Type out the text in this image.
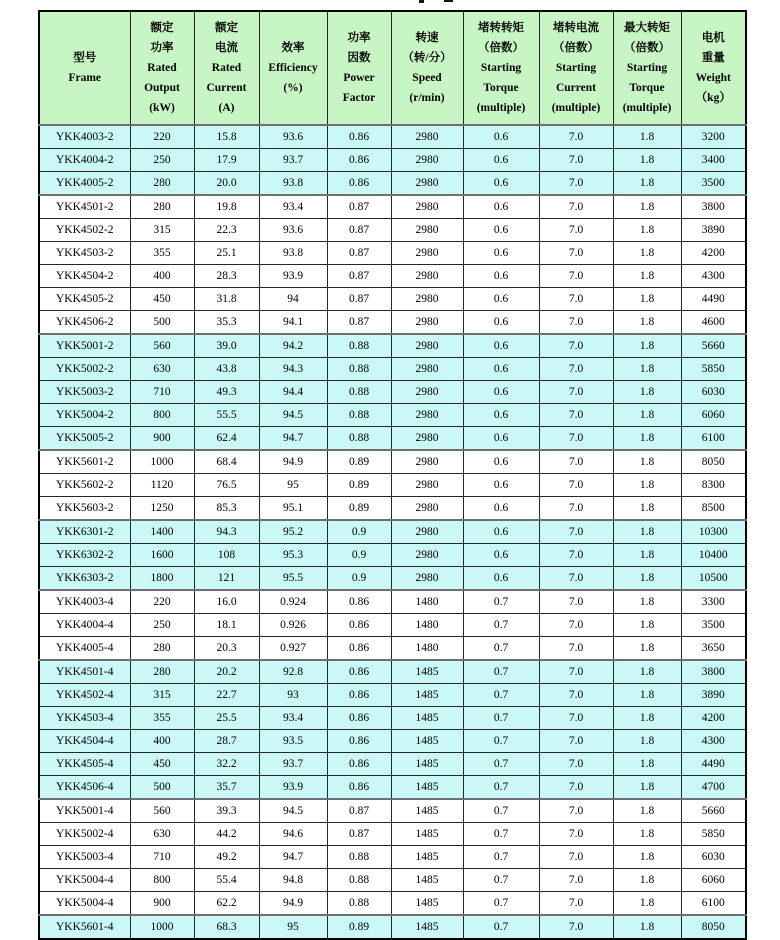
型号
Frame

额定
功率
Rated
Output
(kW)

额定
电流
Rated
Current
(A)

效率
Efficiency
(%)

功率
因数
Power
Factor

转速
（转/分）
Speed
(r/min)

堵转转矩
（倍数）
Starting
Torque
(multiple)

堵转电流
（倍数）
Starting
Current
(multiple)

最大转矩
（倍数）
Starting
Torque
(multiple)

电机
重量
Weight
（kg）

YKK4003-2	220	15.8	93.6	0.86	2980	0.6	7.0	1.8	3200
YKK4004-2	250	17.9	93.7	0.86	2980	0.6	7.0	1.8	3400
YKK4005-2	280	20.0	93.8	0.86	2980	0.6	7.0	1.8	3500
YKK4501-2	280	19.8	93.4	0.87	2980	0.6	7.0	1.8	3800
YKK4502-2	315	22.3	93.6	0.87	2980	0.6	7.0	1.8	3890
YKK4503-2	355	25.1	93.8	0.87	2980	0.6	7.0	1.8	4200
YKK4504-2	400	28.3	93.9	0.87	2980	0.6	7.0	1.8	4300
YKK4505-2	450	31.8	94	0.87	2980	0.6	7.0	1.8	4490
YKK4506-2	500	35.3	94.1	0.87	2980	0.6	7.0	1.8	4600
YKK5001-2	560	39.0	94.2	0.88	2980	0.6	7.0	1.8	5660
YKK5002-2	630	43.8	94.3	0.88	2980	0.6	7.0	1.8	5850
YKK5003-2	710	49.3	94.4	0.88	2980	0.6	7.0	1.8	6030
YKK5004-2	800	55.5	94.5	0.88	2980	0.6	7.0	1.8	6060
YKK5005-2	900	62.4	94.7	0.88	2980	0.6	7.0	1.8	6100
YKK5601-2	1000	68.4	94.9	0.89	2980	0.6	7.0	1.8	8050
YKK5602-2	1120	76.5	95	0.89	2980	0.6	7.0	1.8	8300
YKK5603-2	1250	85.3	95.1	0.89	2980	0.6	7.0	1.8	8500
YKK6301-2	1400	94.3	95.2	0.9	2980	0.6	7.0	1.8	10300
YKK6302-2	1600	108	95.3	0.9	2980	0.6	7.0	1.8	10400
YKK6303-2	1800	121	95.5	0.9	2980	0.6	7.0	1.8	10500
YKK4003-4	220	16.0	0.924	0.86	1480	0.7	7.0	1.8	3300
YKK4004-4	250	18.1	0.926	0.86	1480	0.7	7.0	1.8	3500
YKK4005-4	280	20.3	0.927	0.86	1480	0.7	7.0	1.8	3650
YKK4501-4	280	20.2	92.8	0.86	1485	0.7	7.0	1.8	3800
YKK4502-4	315	22.7	93	0.86	1485	0.7	7.0	1.8	3890
YKK4503-4	355	25.5	93.4	0.86	1485	0.7	7.0	1.8	4200
YKK4504-4	400	28.7	93.5	0.86	1485	0.7	7.0	1.8	4300
YKK4505-4	450	32.2	93.7	0.86	1485	0.7	7.0	1.8	4490
YKK4506-4	500	35.7	93.9	0.86	1485	0.7	7.0	1.8	4700
YKK5001-4	560	39.3	94.5	0.87	1485	0.7	7.0	1.8	5660
YKK5002-4	630	44.2	94.6	0.87	1485	0.7	7.0	1.8	5850
YKK5003-4	710	49.2	94.7	0.88	1485	0.7	7.0	1.8	6030
YKK5004-4	800	55.4	94.8	0.88	1485	0.7	7.0	1.8	6060
YKK5004-4	900	62.2	94.9	0.88	1485	0.7	7.0	1.8	6100
YKK5601-4	1000	68.3	95	0.89	1485	0.7	7.0	1.8	8050
